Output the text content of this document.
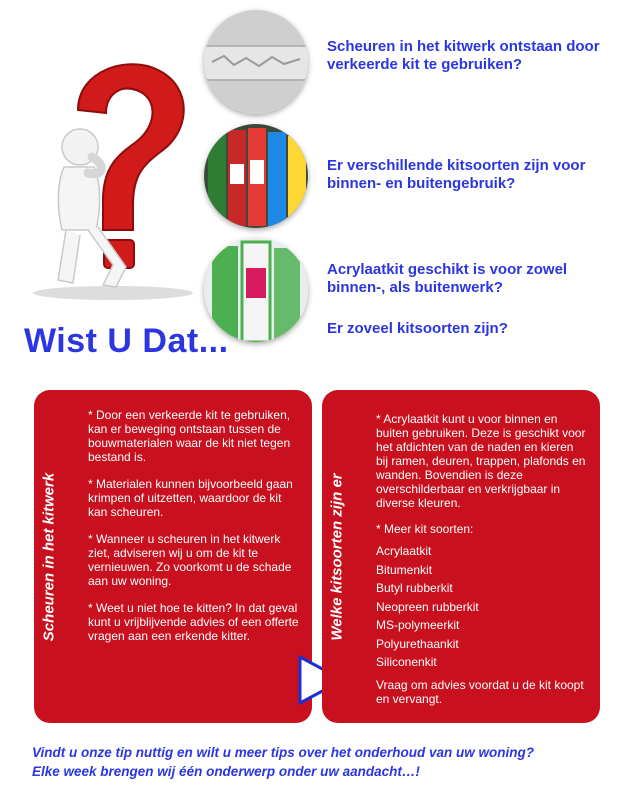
Scheuren in het kitwerk ontstaan door verkeerde kit te gebruiken?
Er verschillende kitsoorten zijn voor binnen- en buitengebruik?
Acrylaatkit geschikt is voor zowel binnen-, als buitenwerk?
Er zoveel kitsoorten zijn?
Wist U Dat...
Scheuren in het kitwerk

* Door een verkeerde kit te gebruiken, kan er beweging ontstaan tussen de bouwmaterialen waar de kit niet tegen bestand is.

* Materialen kunnen bijvoorbeeld gaan krimpen of uitzetten, waardoor de kit kan scheuren.

* Wanneer u scheuren in het kitwerk ziet, adviseren wij u om de kit te vernieuwen. Zo voorkomt u de schade aan uw woning.

* Weet u niet hoe te kitten? In dat geval kunt u vrijblijvende advies of een offerte vragen aan een erkende kitter.	Welke kitsoorten zijn er

* Acrylaatkit kunt u voor binnen en buiten gebruiken. Deze is geschikt voor het afdichten van de naden en kieren bij ramen, deuren, trappen, plafonds en wanden. Bovendien is deze overschilderbaar en verkrijgbaar in diverse kleuren.

* Meer kit soorten:
Acrylaatkit
Bitumenkit
Butyl rubberkit
Neopreen rubberkit
MS-polymeerkit
Polyurethaankit
Siliconenkit
Vraag om advies voordat u de kit koopt en vervangt.
Vindt u onze tip nuttig en wilt u meer tips over het onderhoud van uw woning?
Elke week brengen wij één onderwerp onder uw aandacht…!
